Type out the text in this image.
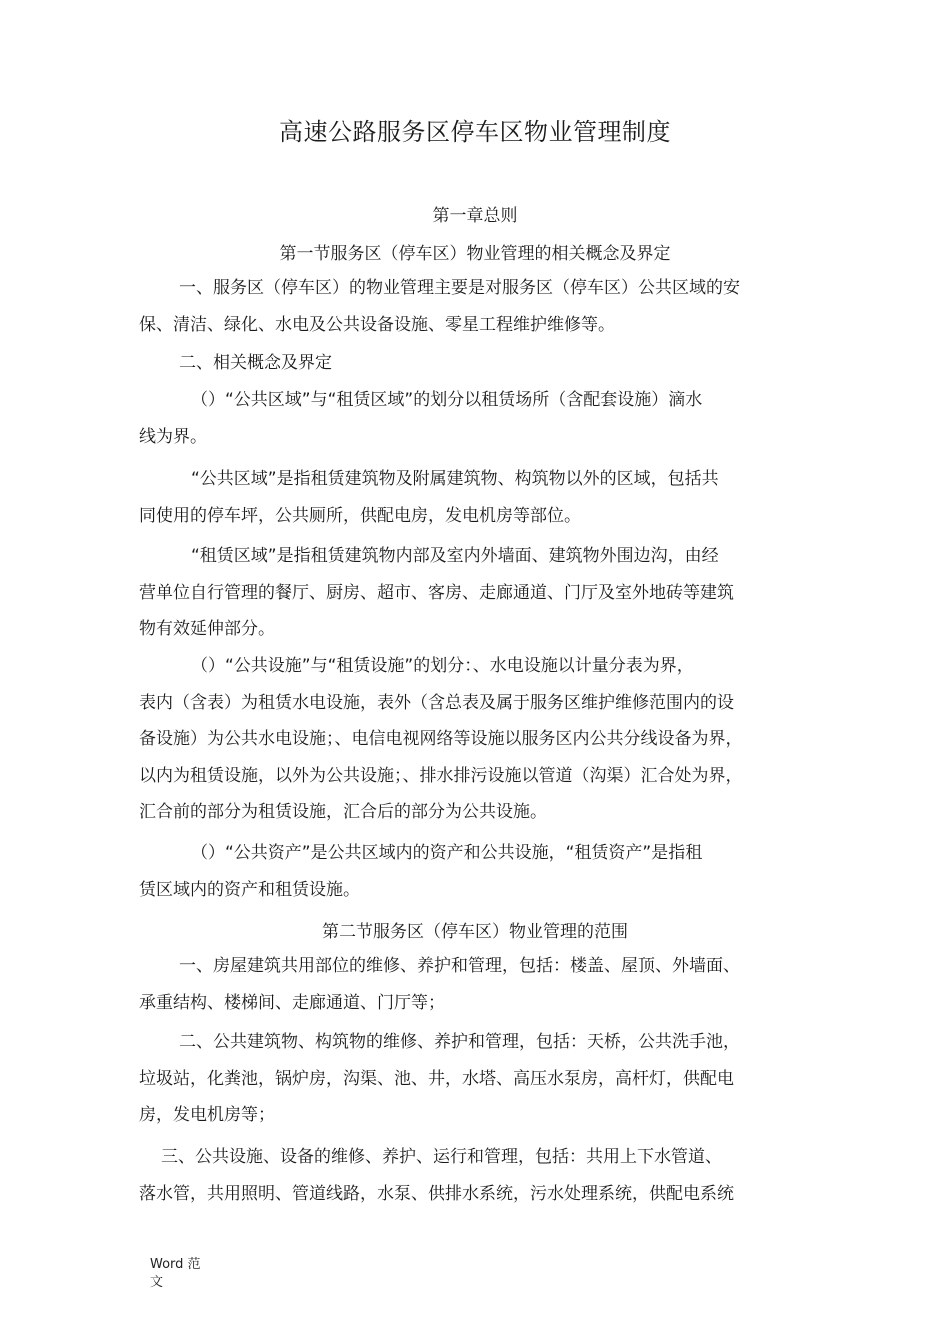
高速公路服务区停车区物业管理制度
第一章总则
第一节服务区（停车区）物业管理的相关概念及界定
一、服务区（停车区）的物业管理主要是对服务区（停车区）公共区域的安
保、清洁、绿化、水电及公共设备设施、零星工程维护维修等。
二、相关概念及界定
（）“公共区域”与“租赁区域”的划分以租赁场所（含配套设施）滴水
线为界。
“公共区域”是指租赁建筑物及附属建筑物、构筑物以外的区域，包括共
同使用的停车坪，公共厕所，供配电房，发电机房等部位。
“租赁区域”是指租赁建筑物内部及室内外墙面、建筑物外围边沟，由经
营单位自行管理的餐厅、厨房、超市、客房、走廊通道、门厅及室外地砖等建筑
物有效延伸部分。
（）“公共设施”与“租赁设施”的划分：、水电设施以计量分表为界，
表内（含表）为租赁水电设施，表外（含总表及属于服务区维护维修范围内的设
备设施）为公共水电设施；、电信电视网络等设施以服务区内公共分线设备为界，
以内为租赁设施，以外为公共设施；、排水排污设施以管道（沟渠）汇合处为界，
汇合前的部分为租赁设施，汇合后的部分为公共设施。
（）“公共资产”是公共区域内的资产和公共设施，“租赁资产”是指租
赁区域内的资产和租赁设施。
第二节服务区（停车区）物业管理的范围
一、房屋建筑共用部位的维修、养护和管理，包括：楼盖、屋顶、外墙面、
承重结构、楼梯间、走廊通道、门厅等；
二、公共建筑物、构筑物的维修、养护和管理，包括：天桥，公共洗手池，
垃圾站，化粪池，锅炉房，沟渠、池、井，水塔、高压水泵房，高杆灯，供配电
房，发电机房等；
三、公共设施、设备的维修、养护、运行和管理，包括：共用上下水管道、
落水管，共用照明、管道线路，水泵、供排水系统，污水处理系统，供配电系统
Word 范
文
